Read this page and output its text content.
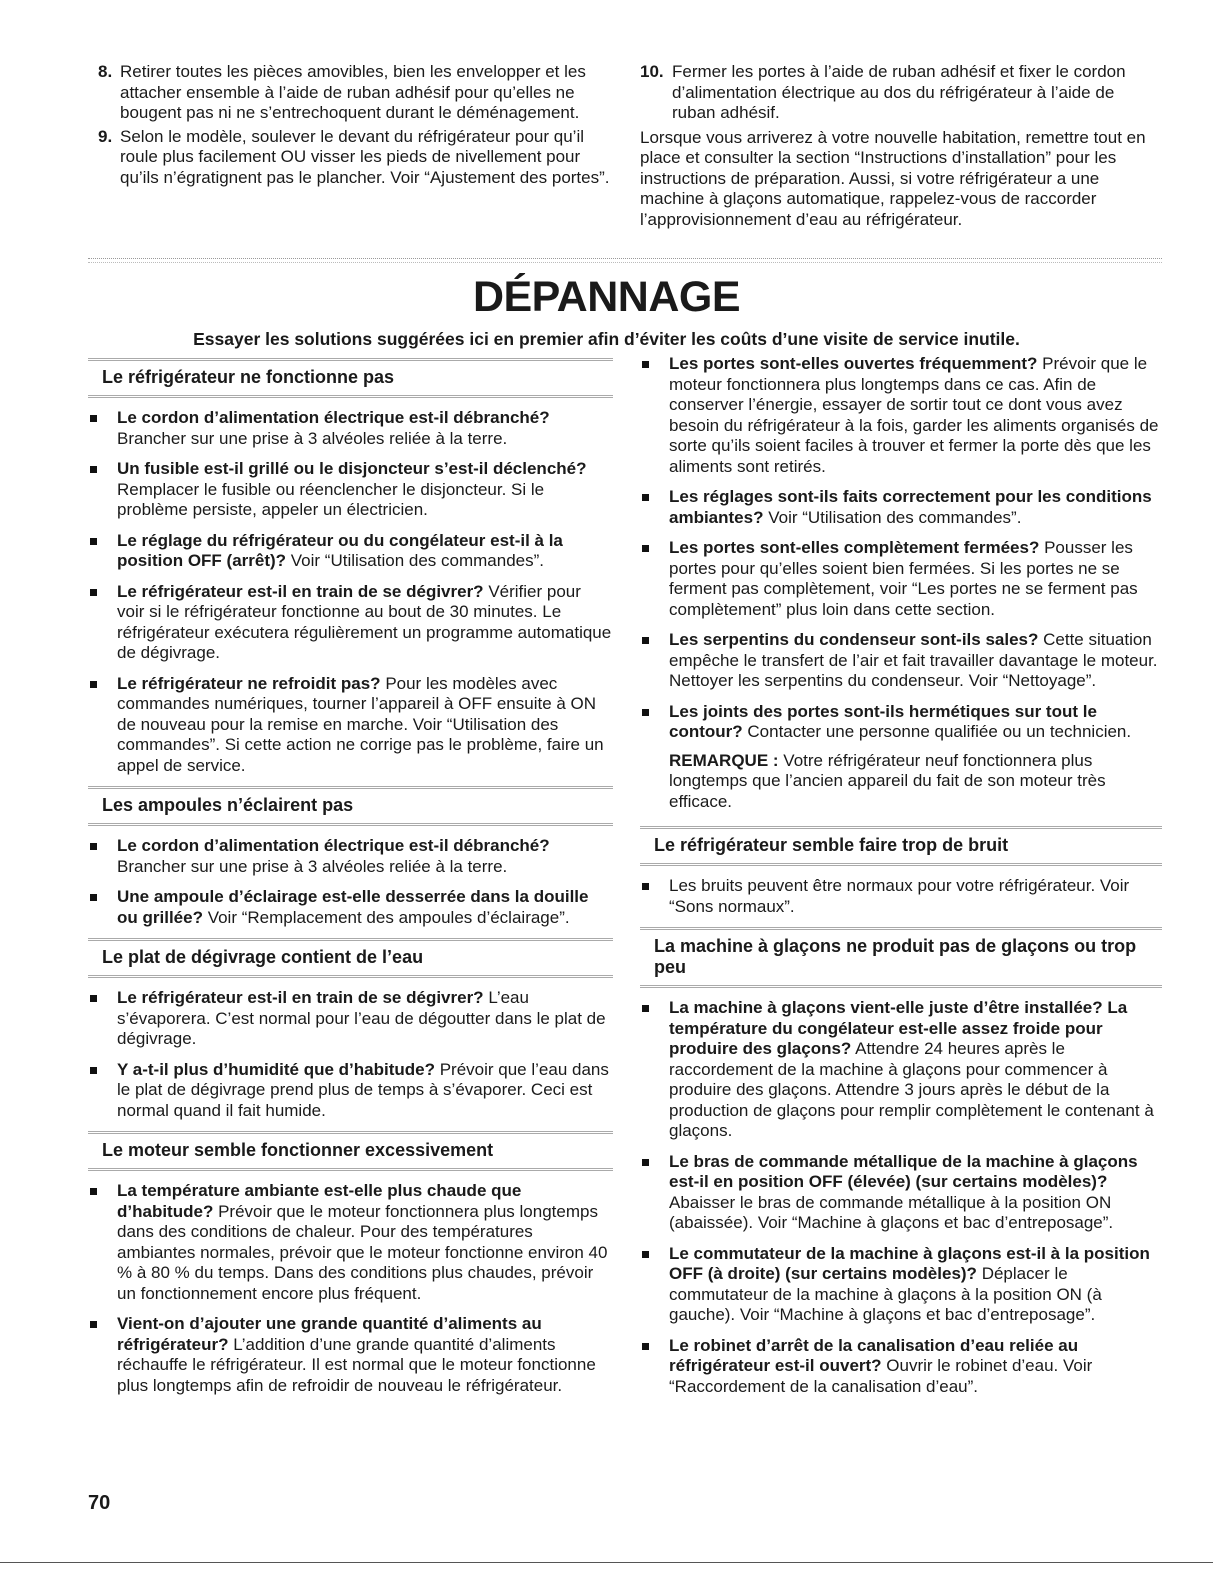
8. Retirer toutes les pièces amovibles, bien les envelopper et les attacher ensemble à l’aide de ruban adhésif pour qu’elles ne bougent pas ni ne s’entrechoquent durant le déménagement.
9. Selon le modèle, soulever le devant du réfrigérateur pour qu’il roule plus facilement OU visser les pieds de nivellement pour qu’ils n’égratignent pas le plancher. Voir “Ajustement des portes”.
10. Fermer les portes à l’aide de ruban adhésif et fixer le cordon d’alimentation électrique au dos du réfrigérateur à l’aide de ruban adhésif.
Lorsque vous arriverez à votre nouvelle habitation, remettre tout en place et consulter la section “Instructions d’installation” pour les instructions de préparation. Aussi, si votre réfrigérateur a une machine à glaçons automatique, rappelez-vous de raccorder l’approvisionnement d’eau au réfrigérateur.
DÉPANNAGE
Essayer les solutions suggérées ici en premier afin d’éviter les coûts d’une visite de service inutile.
Le réfrigérateur ne fonctionne pas
Le cordon d’alimentation électrique est-il débranché?
Brancher sur une prise à 3 alvéoles reliée à la terre.
Un fusible est-il grillé ou le disjoncteur s’est-il déclenché?
Remplacer le fusible ou réenclencher le disjoncteur. Si le problème persiste, appeler un électricien.
Le réglage du réfrigérateur ou du congélateur est-il à la position OFF (arrêt)? Voir “Utilisation des commandes”.
Le réfrigérateur est-il en train de se dégivrer? Vérifier pour voir si le réfrigérateur fonctionne au bout de 30 minutes. Le réfrigérateur exécutera régulièrement un programme automatique de dégivrage.
Le réfrigérateur ne refroidit pas? Pour les modèles avec commandes numériques, tourner l’appareil à OFF ensuite à ON de nouveau pour la remise en marche. Voir “Utilisation des commandes”. Si cette action ne corrige pas le problème, faire un appel de service.
Les ampoules n’éclairent pas
Le cordon d’alimentation électrique est-il débranché?
Brancher sur une prise à 3 alvéoles reliée à la terre.
Une ampoule d’éclairage est-elle desserrée dans la douille ou grillée? Voir “Remplacement des ampoules d’éclairage”.
Le plat de dégivrage contient de l’eau
Le réfrigérateur est-il en train de se dégivrer? L’eau s’évaporera. C’est normal pour l’eau de dégoutter dans le plat de dégivrage.
Y a-t-il plus d’humidité que d’habitude? Prévoir que l’eau dans le plat de dégivrage prend plus de temps à s’évaporer. Ceci est normal quand il fait humide.
Le moteur semble fonctionner excessivement
La température ambiante est-elle plus chaude que d’habitude? Prévoir que le moteur fonctionnera plus longtemps dans des conditions de chaleur. Pour des températures ambiantes normales, prévoir que le moteur fonctionne environ 40 % à 80 % du temps. Dans des conditions plus chaudes, prévoir un fonctionnement encore plus fréquent.
Vient-on d’ajouter une grande quantité d’aliments au réfrigérateur? L’addition d’une grande quantité d’aliments réchauffe le réfrigérateur. Il est normal que le moteur fonctionne plus longtemps afin de refroidir de nouveau le réfrigérateur.
Les portes sont-elles ouvertes fréquemment? Prévoir que le moteur fonctionnera plus longtemps dans ce cas. Afin de conserver l’énergie, essayer de sortir tout ce dont vous avez besoin du réfrigérateur à la fois, garder les aliments organisés de sorte qu’ils soient faciles à trouver et fermer la porte dès que les aliments sont retirés.
Les réglages sont-ils faits correctement pour les conditions ambiantes? Voir “Utilisation des commandes”.
Les portes sont-elles complètement fermées? Pousser les portes pour qu’elles soient bien fermées. Si les portes ne se ferment pas complètement, voir “Les portes ne se ferment pas complètement” plus loin dans cette section.
Les serpentins du condenseur sont-ils sales? Cette situation empêche le transfert de l’air et fait travailler davantage le moteur. Nettoyer les serpentins du condenseur. Voir “Nettoyage”.
Les joints des portes sont-ils hermétiques sur tout le contour? Contacter une personne qualifiée ou un technicien.
REMARQUE : Votre réfrigérateur neuf fonctionnera plus longtemps que l’ancien appareil du fait de son moteur très efficace.
Le réfrigérateur semble faire trop de bruit
Les bruits peuvent être normaux pour votre réfrigérateur. Voir “Sons normaux”.
La machine à glaçons ne produit pas de glaçons ou trop peu
La machine à glaçons vient-elle juste d’être installée? La température du congélateur est-elle assez froide pour produire des glaçons? Attendre 24 heures après le raccordement de la machine à glaçons pour commencer à produire des glaçons. Attendre 3 jours après le début de la production de glaçons pour remplir complètement le contenant à glaçons.
Le bras de commande métallique de la machine à glaçons est-il en position OFF (élevée) (sur certains modèles)? Abaisser le bras de commande métallique à la position ON (abaissée). Voir “Machine à glaçons et bac d’entreposage”.
Le commutateur de la machine à glaçons est-il à la position OFF (à droite) (sur certains modèles)? Déplacer le commutateur de la machine à glaçons à la position ON (à gauche). Voir “Machine à glaçons et bac d’entreposage”.
Le robinet d’arrêt de la canalisation d’eau reliée au réfrigérateur est-il ouvert? Ouvrir le robinet d’eau. Voir “Raccordement de la canalisation d’eau”.
70
